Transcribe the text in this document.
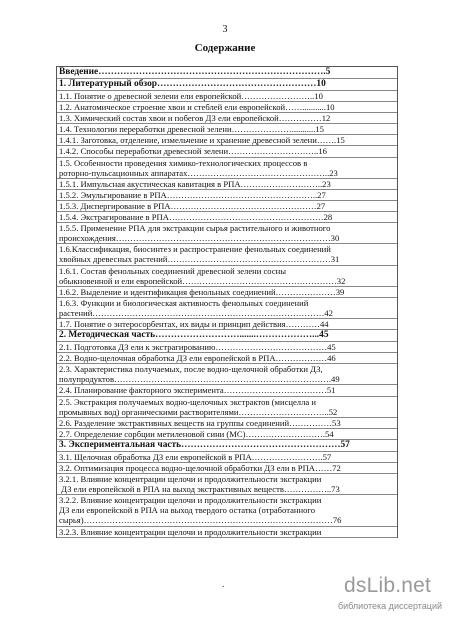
3
Содержание
Введение……………………………………………………………….5
1. Литературный обзор……………………………………………10
1.1. Понятие о древесной зелени ели европейской……………………..10
1.2. Анатомическое строение хвои и стеблей ели европейской……...........10
1.3. Химический состав хвои и побегов ДЗ ели европейской……………12
1.4. Технологии переработки древесной зелени…………………...........15
1.4.1. Заготовка, отделение, измельчение и хранение древесной зелени…….15
1.4.2. Способы переработки древесной зелени…………………………..16
1.5. Особенности проведения химико-технологических процессов в
роторно-пульсационных аппаратах…………………………………………..23
1.5.1. Импульсная акустическая кавитация в РПА………………………..23
1.5.2. Эмульгирование в РПА……………………………………………..27
1.5.3. Диспергирование в РПА……………………………………………27
1.5.4. Экстрагирование в РПА………………………………………………28
1.5.5. Применение РПА для экстракции сырья растительного и животного
происхождения…………………………………………………………………30
1.6.Классификация, биосинтез и распространение фенольных соединений
хвойных древесных растений…………………………………………………31
1.6.1. Состав фенольных соединений древесной зелени сосны
обыкновенной и ели европейской………………………………………………32
1.6.2. Выделение и идентификация фенольных соединений…………………39
1.6.3. Функции и биологическая активность фенольных соединений
растений………………………………………………………………………42
1.7. Понятие о энтеросорбентах, их виды и принцип действия…………44
2. Методическая часть……………………….......………………...45
2.1. Подготовка ДЗ ели к экстрагированию…………………………………45
2.2. Водно-щелочная обработка ДЗ ели европейской в РПА………………46
2.3. Характеристика получаемых, после водно-щелочной обработки ДЗ,
полупродуктов………………………………………………………………….49
2.4. Планирование факторного эксперимента………………………………51
2.5. Экстракция получаемых водно-щелочных экстрактов (мисцелла и
промывных вод) органическими растворителями…………………………..52
2.6. Разделение экстрактивных веществ на группы соединений……………53
2.7. Определение сорбции метиленовой сини (МС)……………………….54
3. Экспериментальная часть……………………………………………57
3.1. Щелочная обработка ДЗ ели европейской в РПА…………………….57
3.2. Оптимизация процесса водно-щелочной обработки ДЗ ели в РПА……72
3.2.1. Влияние концентрации щелочи и продолжительности экстракции
ДЗ ели европейской в РПА на выход экстрактивных веществ……………..73
3.2.2. Влияние концентрации щелочи и продолжительности экстракции
ДЗ ели европейской в РПА на выход твердого остатка (отработанного
сырья)……………………………………………………………………………76
3.2.3. Влияние концентрации щелочи и продолжительности экстракции
.	dsLib.net
библиотека диссертаций
